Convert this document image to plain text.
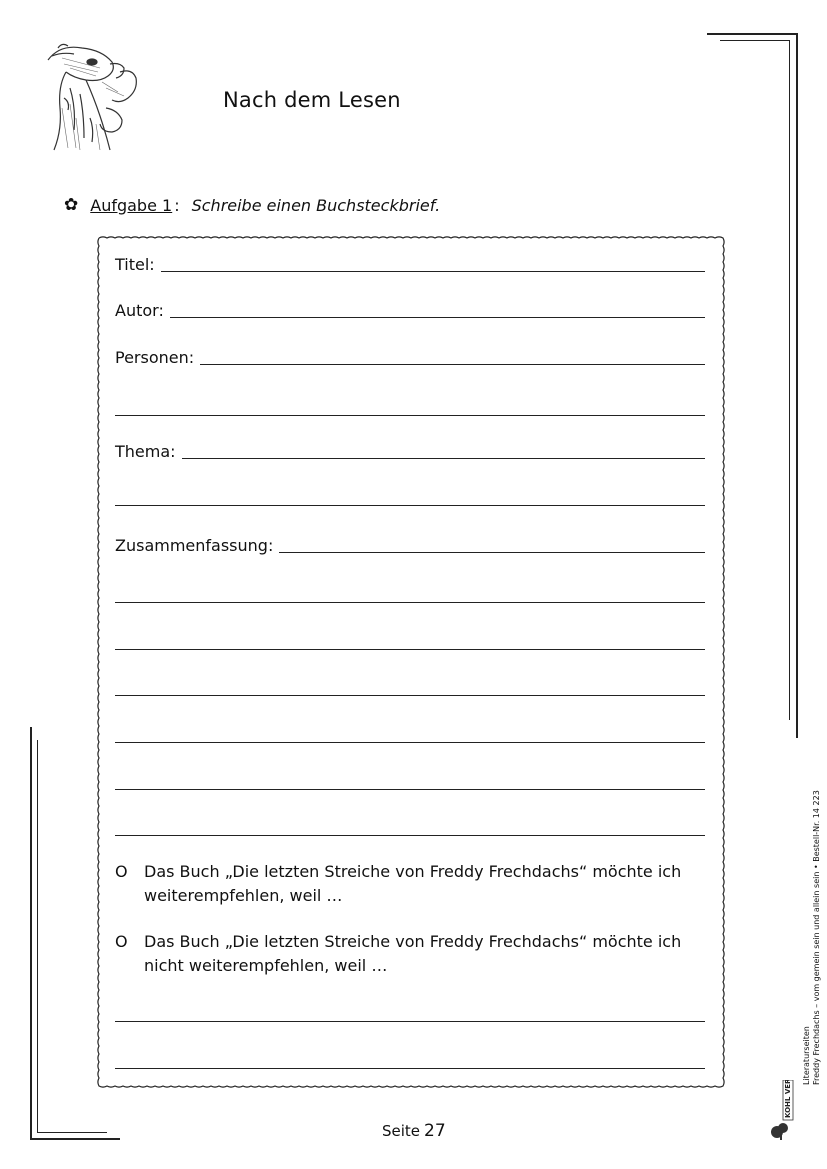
Nach dem Lesen
✿ Aufgabe 1 : Schreibe einen Buchsteckbrief.
Titel:
Autor:
Personen:
Thema:
Zusammenfassung:
O Das Buch „Die letzten Streiche von Freddy Frechdachs“ möchte ich weiterempfehlen, weil …
O Das Buch „Die letzten Streiche von Freddy Frechdachs“ möchte ich nicht weiterempfehlen, weil …
Seite 27
Literaturseiten Freddy Frechdachs – vom gemein sein und allein sein • Bestell-Nr. 14 223
KOHL VERLAG
